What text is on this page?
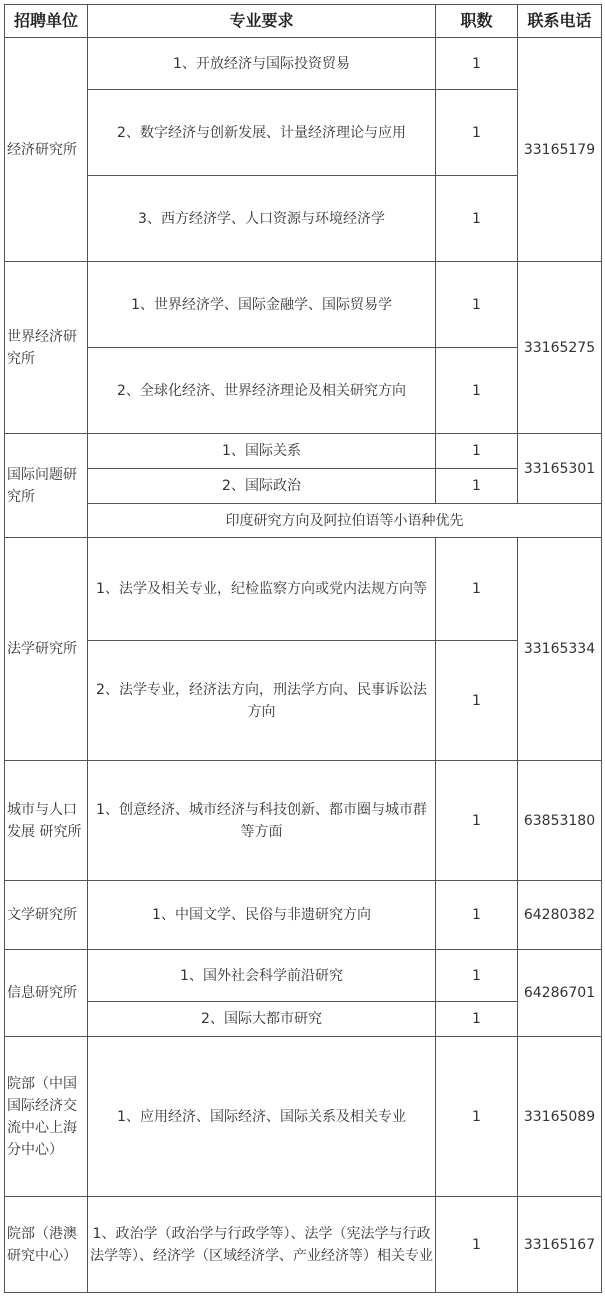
招聘单位	专业要求	职数	联系电话
经济研究所	1、开放经济与国际投资贸易	1	33165179
	2、数字经济与创新发展、计量经济理论与应用	1	
	3、西方经济学、人口资源与环境经济学	1	
世界经济研究所	1、世界经济学、国际金融学、国际贸易学	1	33165275
	2、全球化经济、世界经济理论及相关研究方向	1	
国际问题研究所	1、国际关系	1	33165301
	2、国际政治	1	
	印度研究方向及阿拉伯语等小语种优先		
法学研究所	1、法学及相关专业，纪检监察方向或党内法规方向等	1	33165334
	2、法学专业，经济法方向，刑法学方向、民事诉讼法方向	1	
城市与人口发展 研究所	1、创意经济、城市经济与科技创新、都市圈与城市群等方面	1	63853180
文学研究所	1、中国文学、民俗与非遗研究方向	1	64280382
信息研究所	1、国外社会科学前沿研究	1	64286701
	2、国际大都市研究	1	
院部（中国国际经济交流中心上海分中心）	1、应用经济、国际经济、国际关系及相关专业	1	33165089
院部（港澳研究中心）	1、政治学（政治学与行政学等）、法学（宪法学与行政法学等）、经济学（区域经济学、产业经济等）相关专业	1	33165167
